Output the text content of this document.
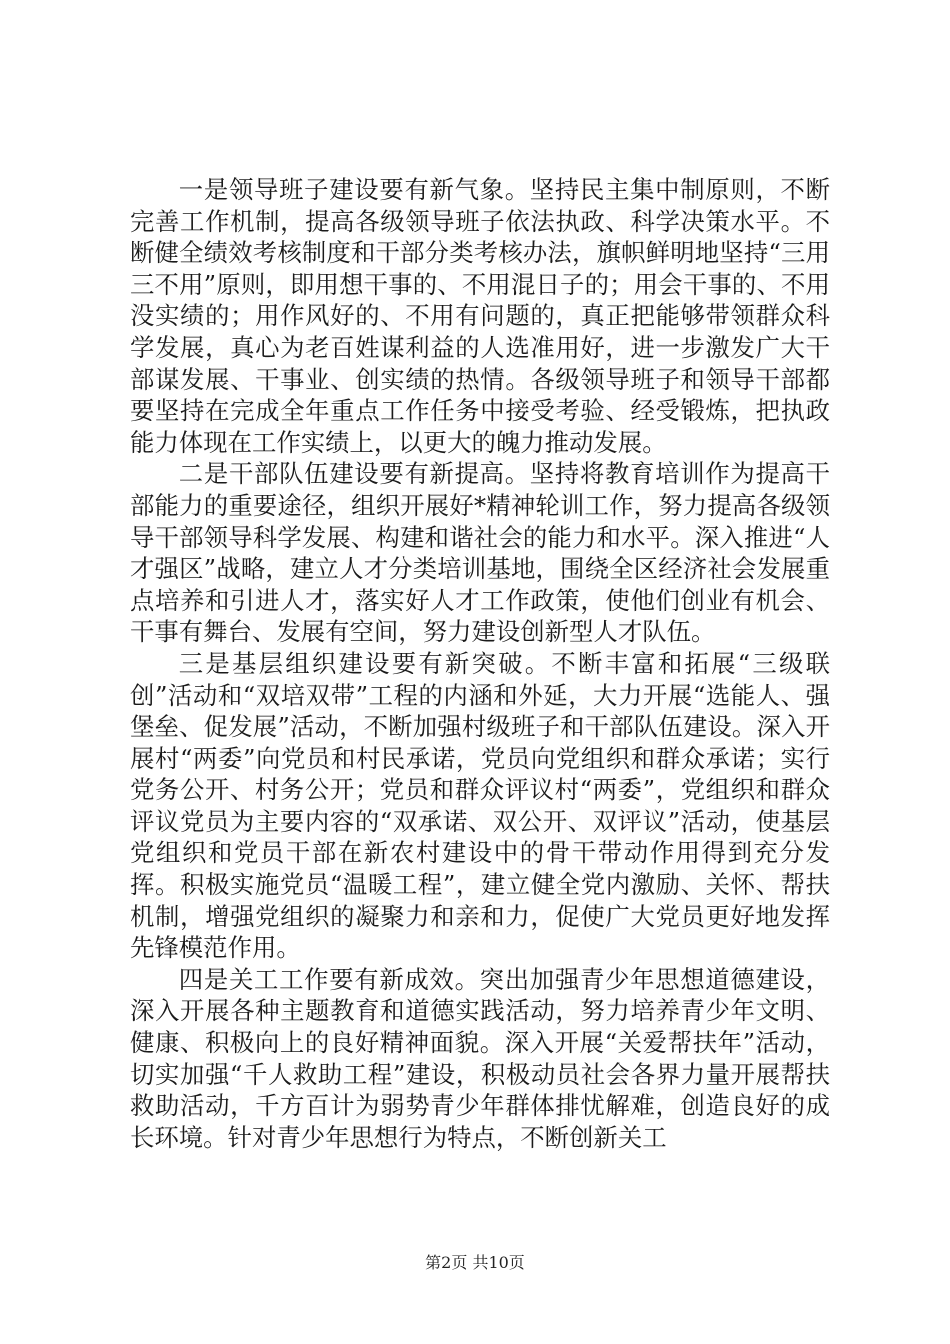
一是领导班子建设要有新气象。坚持民主集中制原则，不断完善工作机制，提高各级领导班子依法执政、科学决策水平。不断健全绩效考核制度和干部分类考核办法，旗帜鲜明地坚持“三用三不用”原则，即用想干事的、不用混日子的；用会干事的、不用没实绩的；用作风好的、不用有问题的，真正把能够带领群众科学发展，真心为老百姓谋利益的人选准用好，进一步激发广大干部谋发展、干事业、创实绩的热情。各级领导班子和领导干部都要坚持在完成全年重点工作任务中接受考验、经受锻炼，把执政能力体现在工作实绩上，以更大的魄力推动发展。

二是干部队伍建设要有新提高。坚持将教育培训作为提高干部能力的重要途径，组织开展好*精神轮训工作，努力提高各级领导干部领导科学发展、构建和谐社会的能力和水平。深入推进“人才强区”战略，建立人才分类培训基地，围绕全区经济社会发展重点培养和引进人才，落实好人才工作政策，使他们创业有机会、干事有舞台、发展有空间，努力建设创新型人才队伍。

三是基层组织建设要有新突破。不断丰富和拓展“三级联创”活动和“双培双带”工程的内涵和外延，大力开展“选能人、强堡垒、促发展”活动，不断加强村级班子和干部队伍建设。深入开展村“两委”向党员和村民承诺，党员向党组织和群众承诺；实行党务公开、村务公开；党员和群众评议村“两委”，党组织和群众评议党员为主要内容的“双承诺、双公开、双评议”活动，使基层党组织和党员干部在新农村建设中的骨干带动作用得到充分发挥。积极实施党员“温暖工程”，建立健全党内激励、关怀、帮扶机制，增强党组织的凝聚力和亲和力，促使广大党员更好地发挥先锋模范作用。

四是关工工作要有新成效。突出加强青少年思想道德建设，深入开展各种主题教育和道德实践活动，努力培养青少年文明、健康、积极向上的良好精神面貌。深入开展“关爱帮扶年”活动，切实加强“千人救助工程”建设，积极动员社会各界力量开展帮扶救助活动，千方百计为弱势青少年群体排忧解难，创造良好的成长环境。针对青少年思想行为特点，不断创新关工

第2页 共10页
